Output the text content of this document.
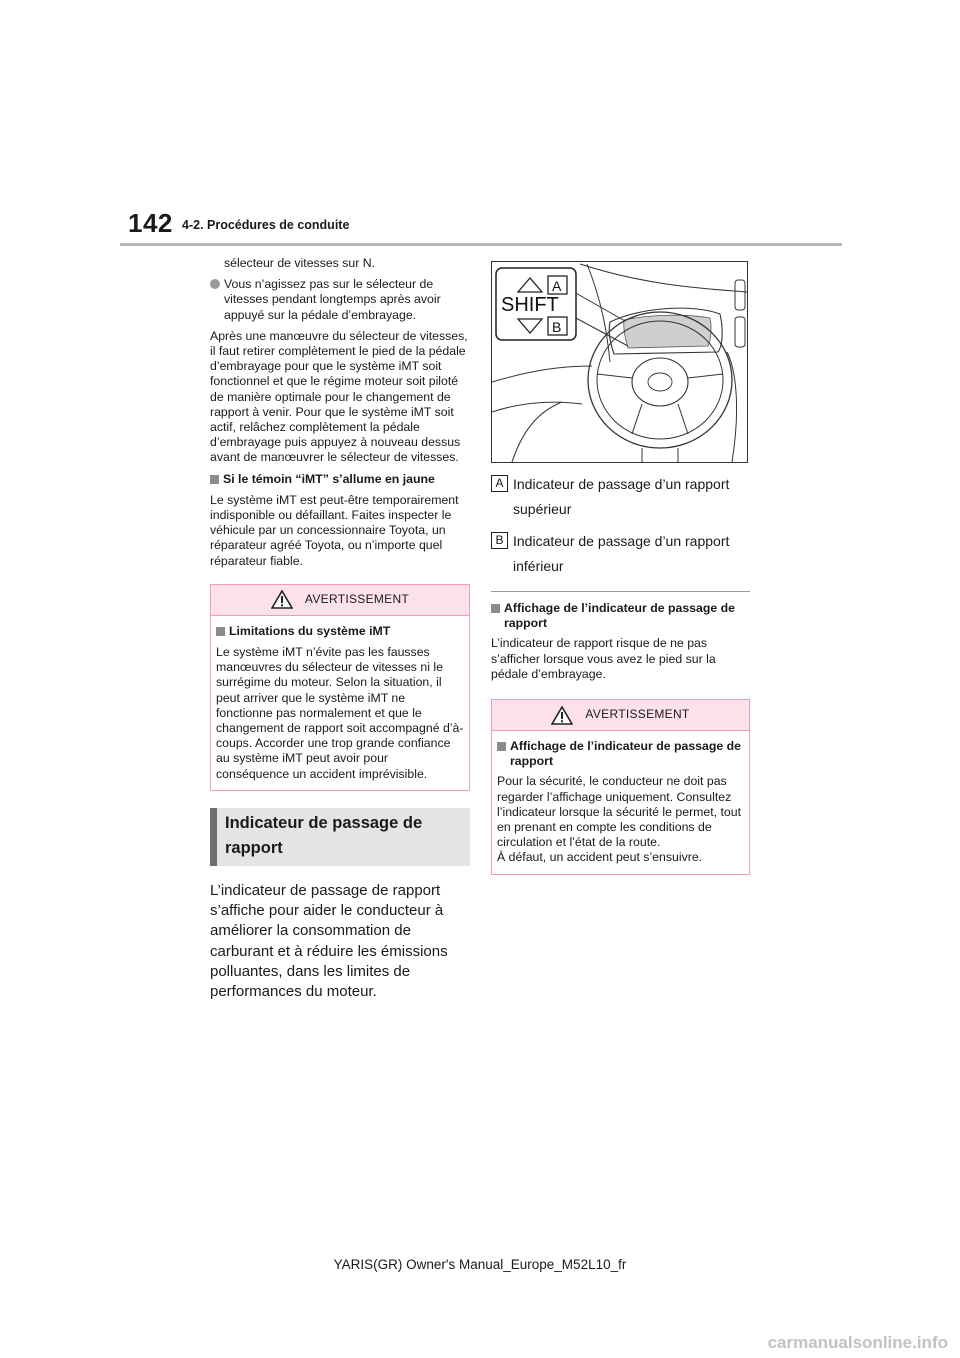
142 4-2. Procédures de conduite
sélecteur de vitesses sur N.
Vous n’agissez pas sur le sélecteur de vitesses pendant longtemps après avoir appuyé sur la pédale d’embrayage.

Après une manœuvre du sélecteur de vitesses, il faut retirer complètement le pied de la pédale d’embrayage pour que le système iMT soit fonctionnel et que le régime moteur soit piloté de manière optimale pour le changement de rapport à venir. Pour que le système iMT soit actif, relâchez complètement la pédale d’embrayage puis appuyez à nouveau dessus avant de manœuvrer le sélecteur de vitesses.

Si le témoin “iMT” s’allume en jaune

Le système iMT est peut-être temporairement indisponible ou défaillant. Faites inspecter le véhicule par un concessionnaire Toyota, un réparateur agréé Toyota, ou n’importe quel réparateur fiable.

AVERTISSEMENT
Limitations du système iMT
Le système iMT n’évite pas les fausses manœuvres du sélecteur de vitesses ni le surrégime du moteur. Selon la situation, il peut arriver que le système iMT ne fonctionne pas normalement et que le changement de rapport soit accompagné d’à-coups. Accorder une trop grande confiance au système iMT peut avoir pour conséquence un accident imprévisible.
Indicateur de passage de rapport
L’indicateur de passage de rapport s’affiche pour aider le conducteur à améliorer la consommation de carburant et à réduire les émissions polluantes, dans les limites de performances du moteur.
SHIFT
A
B
A Indicateur de passage d’un rapport
supérieur
B Indicateur de passage d’un rapport
inférieur
Affichage de l’indicateur de passage de rapport

L’indicateur de rapport risque de ne pas s’afficher lorsque vous avez le pied sur la pédale d’embrayage.

AVERTISSEMENT
Affichage de l’indicateur de passage de rapport
Pour la sécurité, le conducteur ne doit pas regarder l’affichage uniquement. Consultez l’indicateur lorsque la sécurité le permet, tout en prenant en compte les conditions de circulation et l’état de la route.
À défaut, un accident peut s’ensuivre.
YARIS(GR) Owner's Manual_Europe_M52L10_fr
carmanualsonline.info
